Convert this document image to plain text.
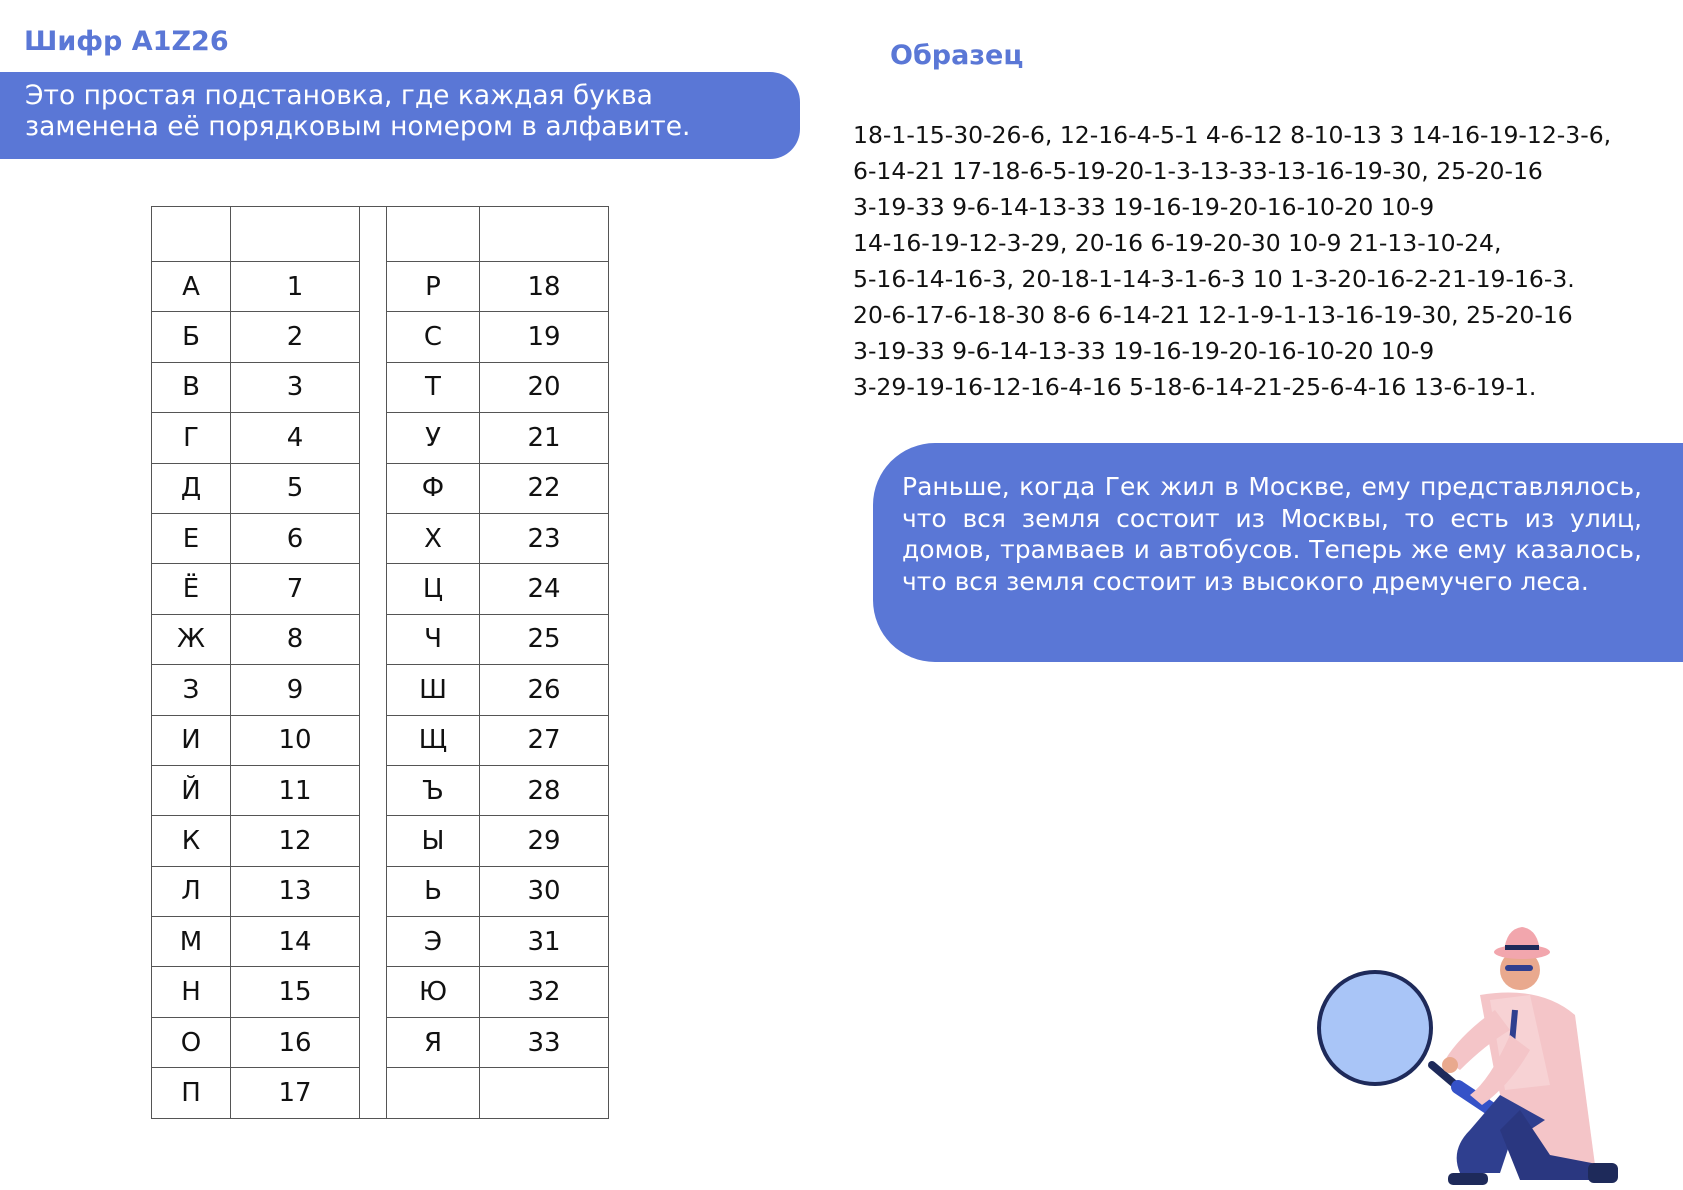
Шифр A1Z26
Это простая подстановка, где каждая буква заменена её порядковым номером в алфавите.

А	1		Р	18
Б	2		С	19
В	3		Т	20
Г	4		У	21
Д	5		Ф	22
Е	6		Х	23
Ё	7		Ц	24
Ж	8		Ч	25
З	9		Ш	26
И	10		Щ	27
Й	11		Ъ	28
К	12		Ы	29
Л	13		Ь	30
М	14		Э	31
Н	15		Ю	32
О	16		Я	33
П	17			
Образец

18-1-15-30-26-6, 12-16-4-5-1 4-6-12 8-10-13 3 14-16-19-12-3-6,
6-14-21 17-18-6-5-19-20-1-3-13-33-13-16-19-30, 25-20-16
3-19-33 9-6-14-13-33 19-16-19-20-16-10-20 10-9
14-16-19-12-3-29, 20-16 6-19-20-30 10-9 21-13-10-24,
5-16-14-16-3, 20-18-1-14-3-1-6-3 10 1-3-20-16-2-21-19-16-3.
20-6-17-6-18-30 8-6 6-14-21 12-1-9-1-13-16-19-30, 25-20-16
3-19-33 9-6-14-13-33 19-16-19-20-16-10-20 10-9
3-29-19-16-12-16-4-16 5-18-6-14-21-25-6-4-16 13-6-19-1.

Раньше, когда Гек жил в Москве, ему представлялось, что вся земля состоит из Москвы, то есть из улиц, домов, трамваев и автобусов. Теперь же ему казалось, что вся земля состоит из высокого дремучего леса.
